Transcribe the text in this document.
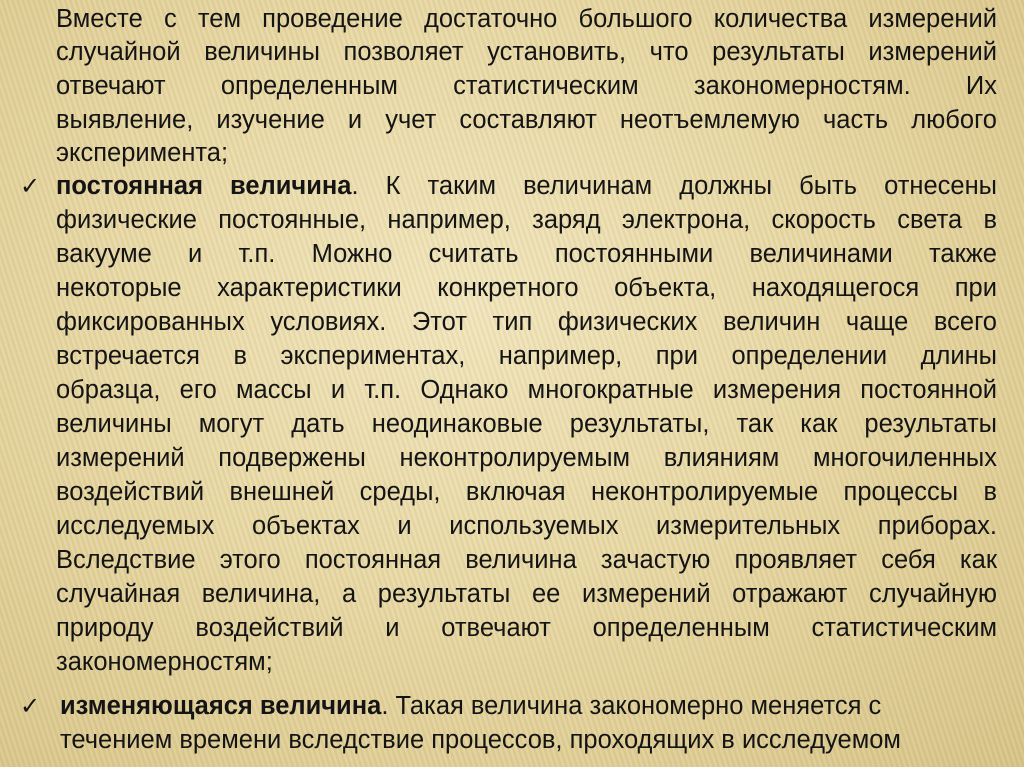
Вместе с тем проведение достаточно большого количества измерений
случайной величины позволяет установить, что результаты измерений
отвечают определенным статистическим закономерностям. Их
выявление, изучение и учет составляют неотъемлемую часть любого
эксперимента;
✓ постоянная величина. К таким величинам должны быть отнесены
физические постоянные, например, заряд электрона, скорость света в
вакууме и т.п. Можно считать постоянными величинами также
некоторые характеристики конкретного объекта, находящегося при
фиксированных условиях. Этот тип физических величин чаще всего
встречается в экспериментах, например, при определении длины
образца, его массы и т.п. Однако многократные измерения постоянной
величины могут дать неодинаковые результаты, так как результаты
измерений подвержены неконтролируемым влияниям многочиленных
воздействий внешней среды, включая неконтролируемые процессы в
исследуемых объектах и используемых измерительных приборах.
Вследствие этого постоянная величина зачастую проявляет себя как
случайная величина, а результаты ее измерений отражают случайную
природу воздействий и отвечают определенным статистическим
закономерностям;
✓ изменяющаяся величина. Такая величина закономерно меняется с
течением времени вследствие процессов, проходящих в исследуемом
